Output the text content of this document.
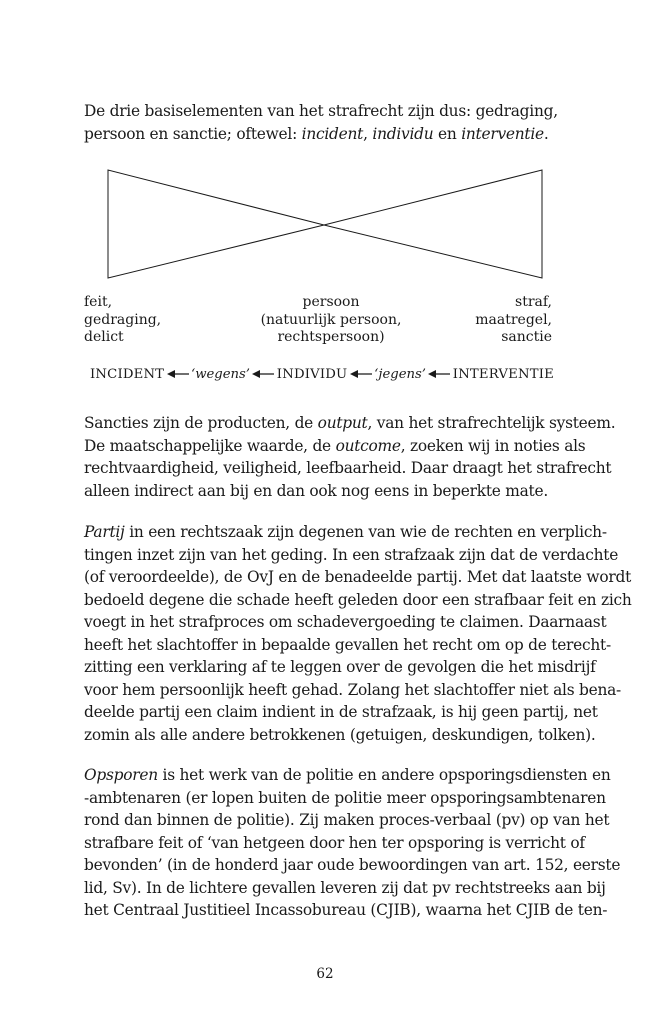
De drie basiselementen van het strafrecht zijn dus: gedraging,
persoon en sanctie; oftewel: incident, individu en interventie.

Sancties zijn de producten, de output, van het strafrechtelijk systeem.
De maatschappelijke waarde, de outcome, zoeken wij in noties als
rechtvaardigheid, veiligheid, leefbaarheid. Daar draagt het strafrecht
alleen indirect aan bij en dan ook nog eens in beperkte mate.

Partij in een rechtszaak zijn degenen van wie de rechten en verplich-
tingen inzet zijn van het geding. In een strafzaak zijn dat de verdachte
(of veroordeelde), de OvJ en de benadeelde partij. Met dat laatste wordt
bedoeld degene die schade heeft geleden door een strafbaar feit en zich
voegt in het strafproces om schadevergoeding te claimen. Daarnaast
heeft het slachtoffer in bepaalde gevallen het recht om op de terecht-
zitting een verklaring af te leggen over de gevolgen die het misdrijf
voor hem persoonlijk heeft gehad. Zolang het slachtoffer niet als bena-
deelde partij een claim indient in de strafzaak, is hij geen partij, net
zomin als alle andere betrokkenen (getuigen, deskundigen, tolken).

Opsporen is het werk van de politie en andere opsporingsdiensten en
-ambtenaren (er lopen buiten de politie meer opsporingsambtenaren
rond dan binnen de politie). Zij maken proces-verbaal (pv) op van het
strafbare feit of ‘van hetgeen door hen ter opsporing is verricht of
bevonden’ (in de honderd jaar oude bewoordingen van art. 152, eerste
lid, Sv). In de lichtere gevallen leveren zij dat pv rechtstreeks aan bij
het Centraal Justitieel Incassobureau (CJIB), waarna het CJIB de ten-

feit,
gedraging,
delict
persoon
(natuurlijk persoon,
rechtspersoon)
straf,
maatregel,
sanctie
INCIDENT ‘wegens’ INDIVIDU ‘jegens’ INTERVENTIE
62
